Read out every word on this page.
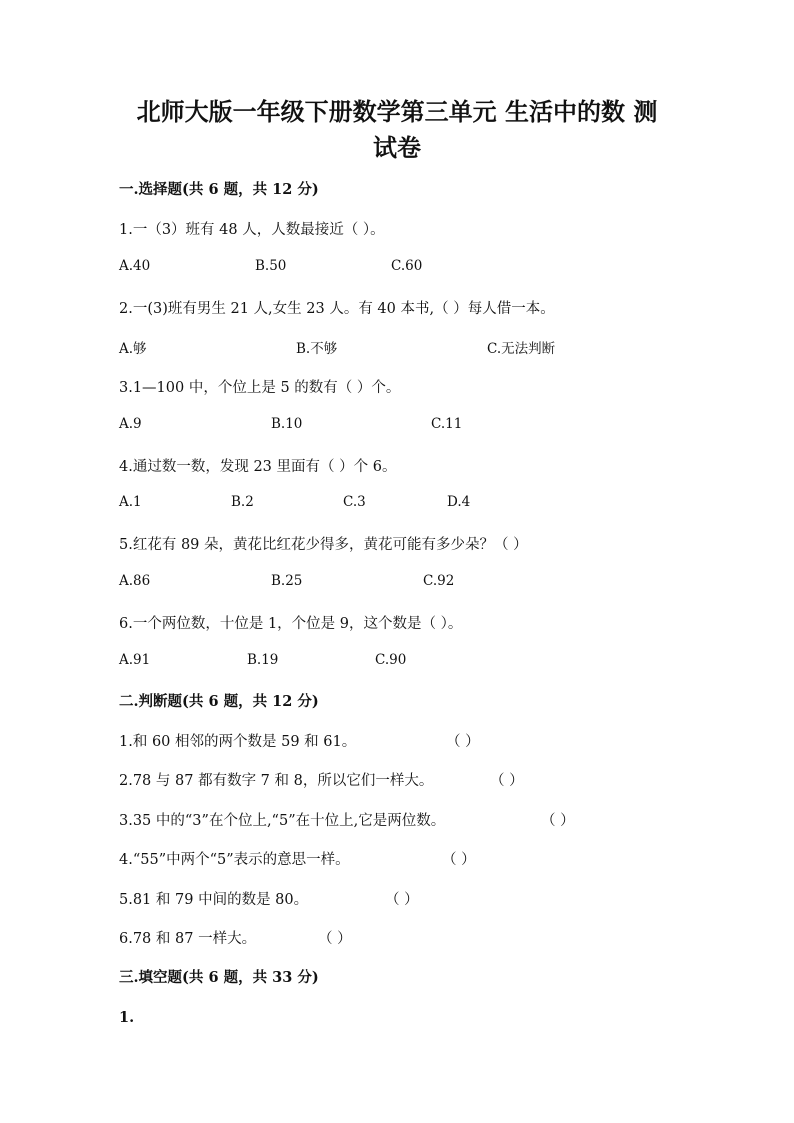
北师大版一年级下册数学第三单元 生活中的数 测
试卷
一.选择题(共 6 题，共 12 分)
1.一（3）班有 48 人，人数最接近（ ）。
A.40	B.50	C.60
2.一(3)班有男生 21 人,女生 23 人。有 40 本书,（ ）每人借一本。
A.够	B.不够	C.无法判断
3.1—100 中，个位上是 5 的数有（ ）个。
A.9	B.10	C.11
4.通过数一数，发现 23 里面有（ ）个 6。
A.1	B.2	C.3	D.4
5.红花有 89 朵，黄花比红花少得多，黄花可能有多少朵？（ ）
A.86	B.25	C.92
6.一个两位数，十位是 1，个位是 9，这个数是（ ）。
A.91	B.19	C.90
二.判断题(共 6 题，共 12 分)
1.和 60 相邻的两个数是 59 和 61。	（ ）
2.78 与 87 都有数字 7 和 8，所以它们一样大。	（ ）
3.35 中的“3”在个位上,“5”在十位上,它是两位数。	（ ）
4.“55”中两个“5”表示的意思一样。	（ ）
5.81 和 79 中间的数是 80。	（ ）
6.78 和 87 一样大。	（ ）
三.填空题(共 6 题，共 33 分)
1.
